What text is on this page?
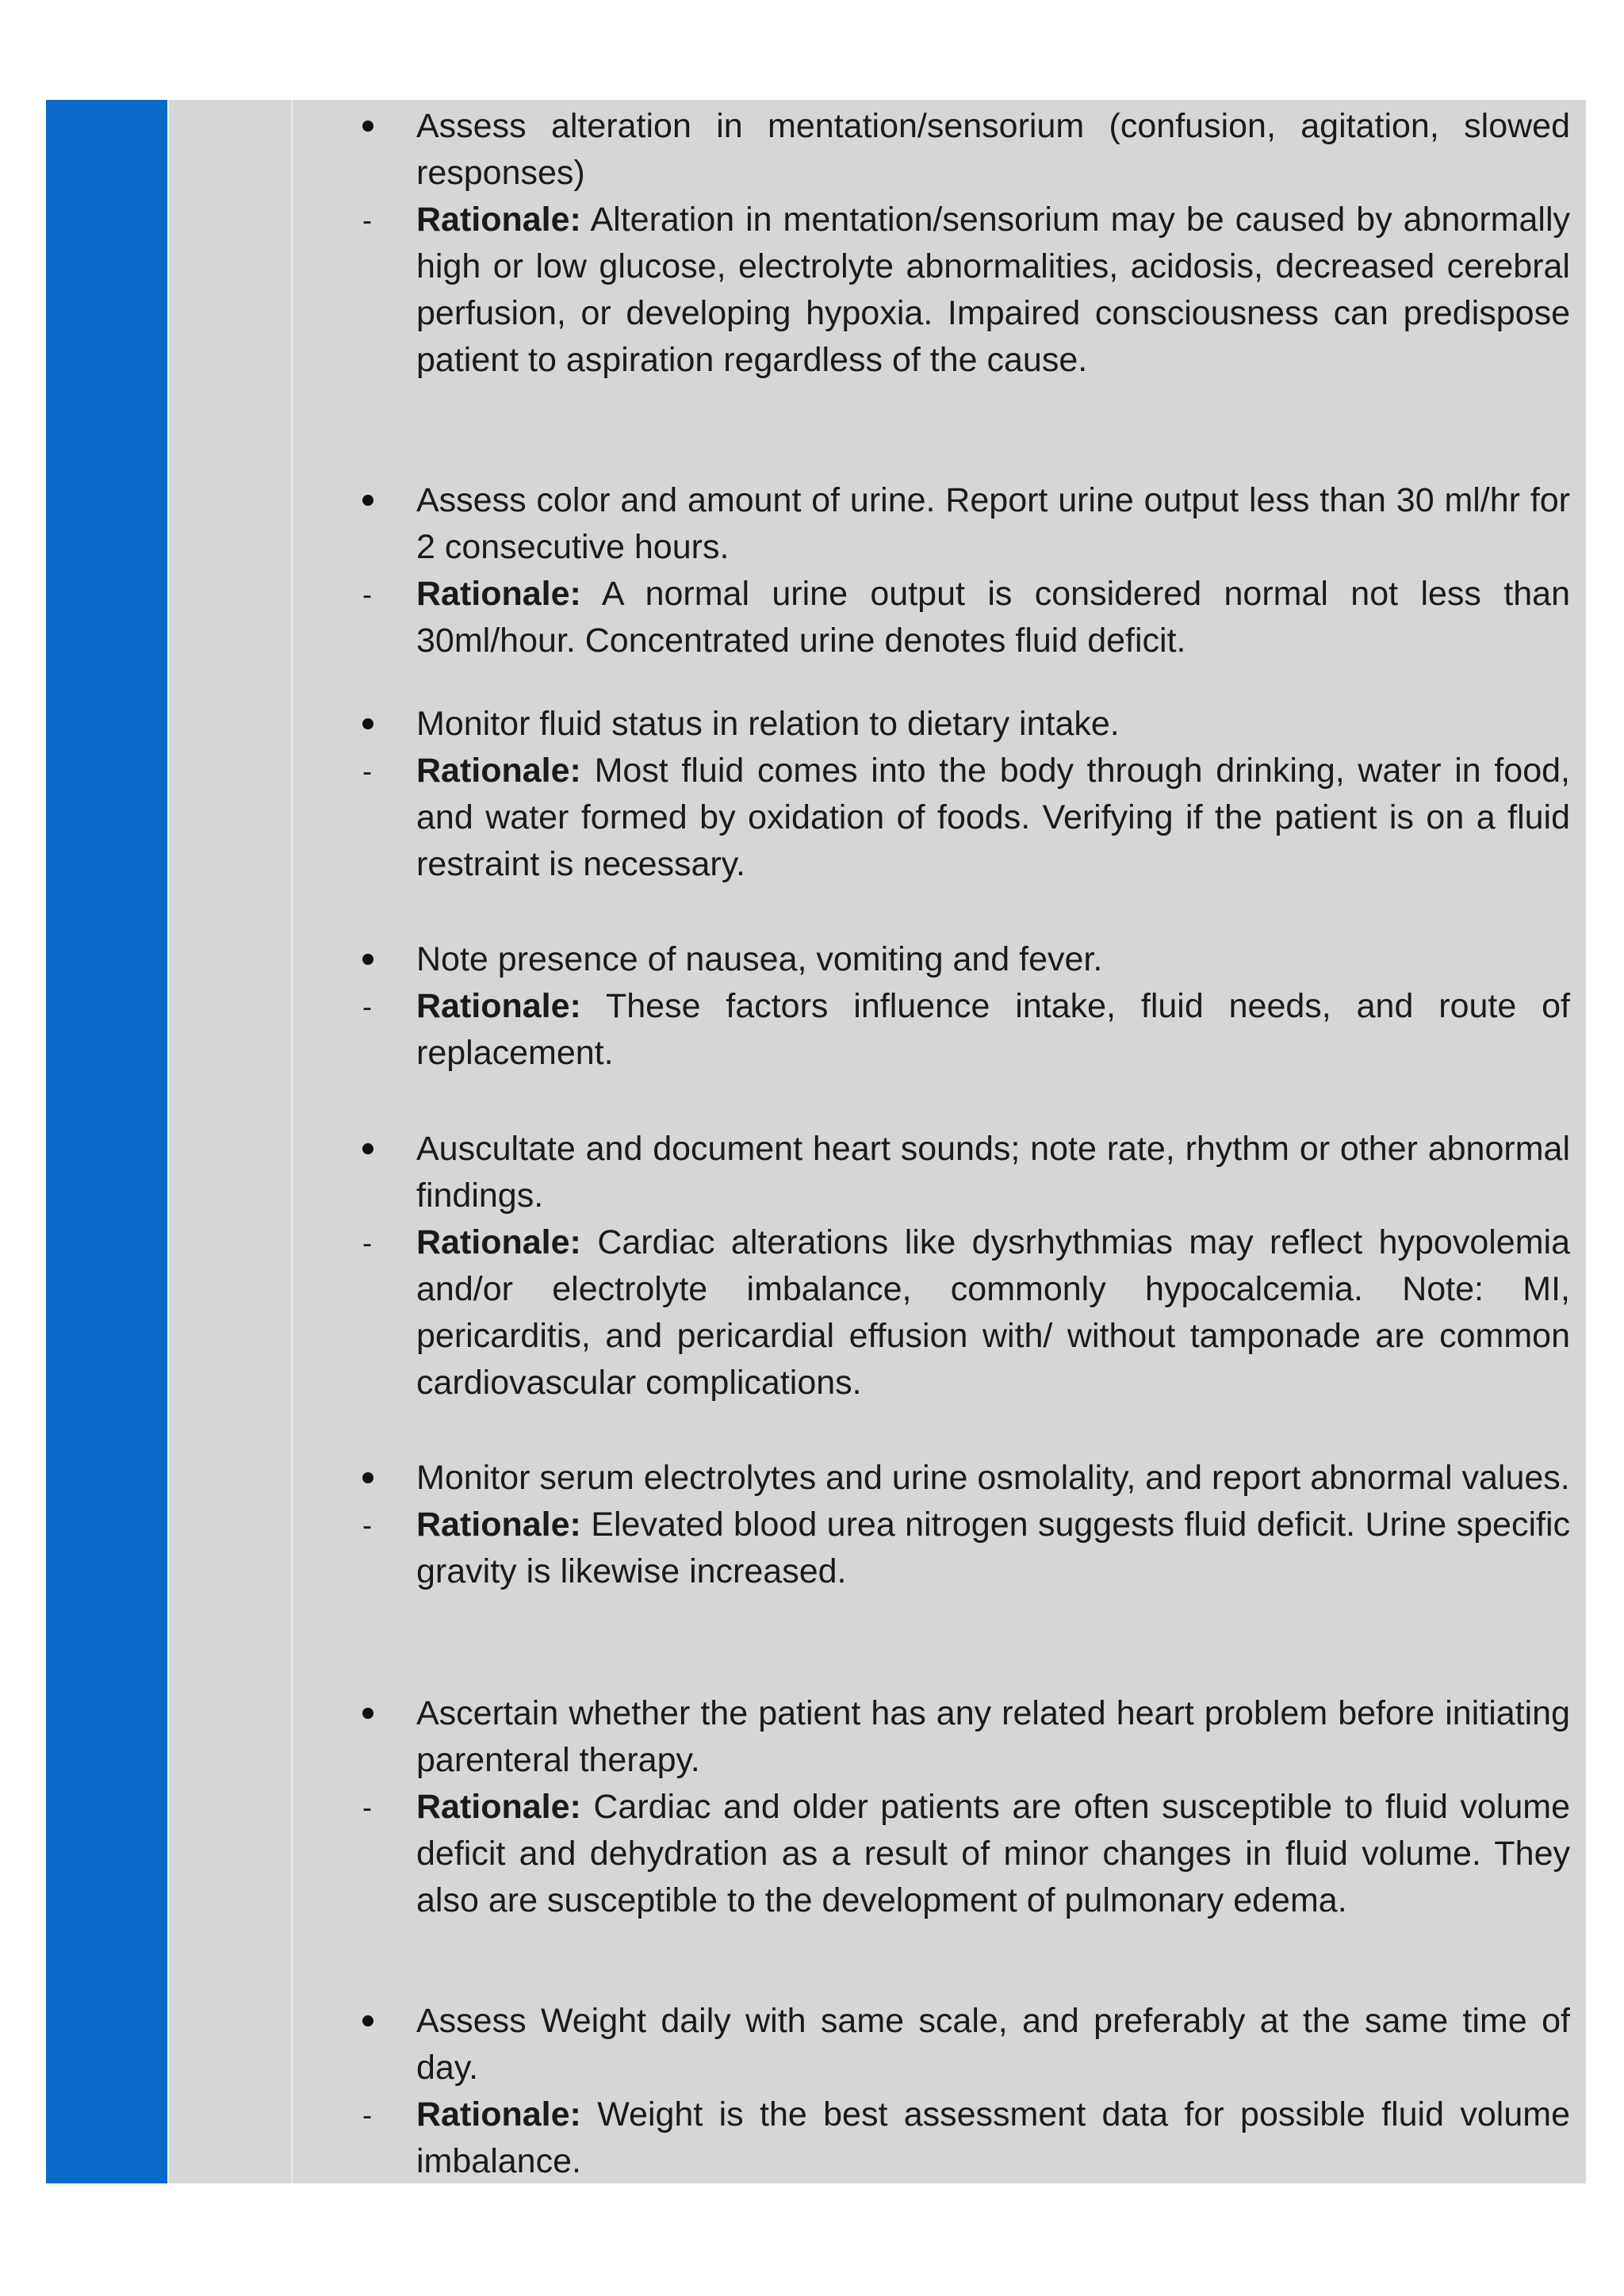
Assess alteration in mentation/sensorium (confusion, agitation, slowed responses)
-	Rationale: Alteration in mentation/sensorium may be caused by abnormally high or low glucose, electrolyte abnormalities, acidosis, decreased cerebral perfusion, or developing hypoxia. Impaired consciousness can predispose patient to aspiration regardless of the cause.
Assess color and amount of urine. Report urine output less than 30 ml/hr for 2 consecutive hours.
-	Rationale: A normal urine output is considered normal not less than 30ml/hour. Concentrated urine denotes fluid deficit.
Monitor fluid status in relation to dietary intake.
-	Rationale: Most fluid comes into the body through drinking, water in food, and water formed by oxidation of foods. Verifying if the patient is on a fluid restraint is necessary.
Note presence of nausea, vomiting and fever.
-	Rationale: These factors influence intake, fluid needs, and route of replacement.
Auscultate and document heart sounds; note rate, rhythm or other abnormal findings.
-	Rationale: Cardiac alterations like dysrhythmias may reflect hypovolemia and/or electrolyte imbalance, commonly hypocalcemia. Note: MI, pericarditis, and pericardial effusion with/ without tamponade are common cardiovascular complications.
Monitor serum electrolytes and urine osmolality, and report abnormal values.
-	Rationale: Elevated blood urea nitrogen suggests fluid deficit. Urine specific gravity is likewise increased.
Ascertain whether the patient has any related heart problem before initiating parenteral therapy.
-	Rationale: Cardiac and older patients are often susceptible to fluid volume deficit and dehydration as a result of minor changes in fluid volume. They also are susceptible to the development of pulmonary edema.
Assess Weight daily with same scale, and preferably at the same time of day.
-	Rationale: Weight is the best assessment data for possible fluid volume imbalance.
